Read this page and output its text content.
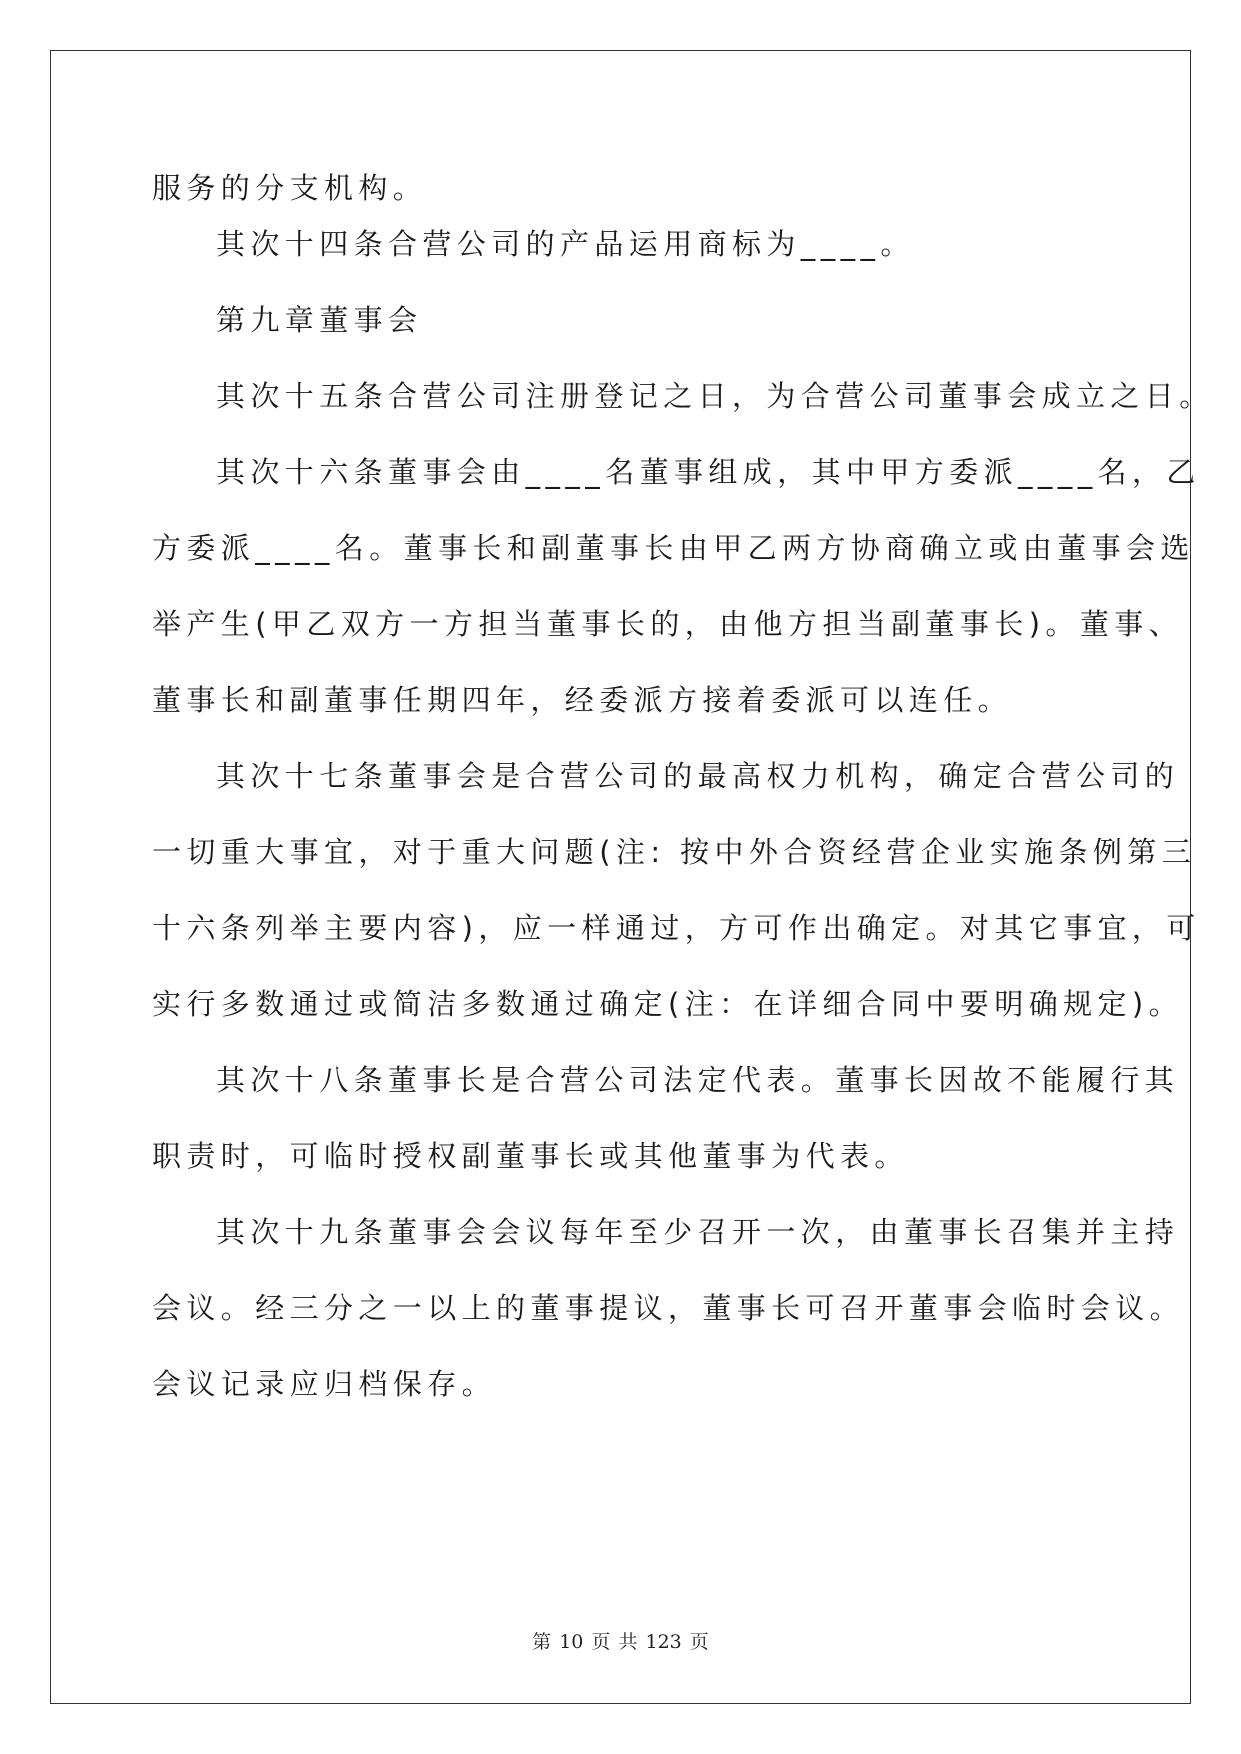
服务的分支机构。

其次十四条合营公司的产品运用商标为____。

第九章董事会

其次十五条合营公司注册登记之日，为合营公司董事会成立之日。

其次十六条董事会由____名董事组成，其中甲方委派____名，乙

方委派____名。董事长和副董事长由甲乙两方协商确立或由董事会选

举产生(甲乙双方一方担当董事长的，由他方担当副董事长)。董事、

董事长和副董事任期四年，经委派方接着委派可以连任。

其次十七条董事会是合营公司的最高权力机构，确定合营公司的

一切重大事宜，对于重大问题(注: 按中外合资经营企业实施条例第三

十六条列举主要内容)，应一样通过，方可作出确定。对其它事宜，可

实行多数通过或简洁多数通过确定(注：在详细合同中要明确规定)。

其次十八条董事长是合营公司法定代表。董事长因故不能履行其

职责时，可临时授权副董事长或其他董事为代表。

其次十九条董事会会议每年至少召开一次，由董事长召集并主持

会议。经三分之一以上的董事提议，董事长可召开董事会临时会议。

会议记录应归档保存。

第 10 页 共 123 页
